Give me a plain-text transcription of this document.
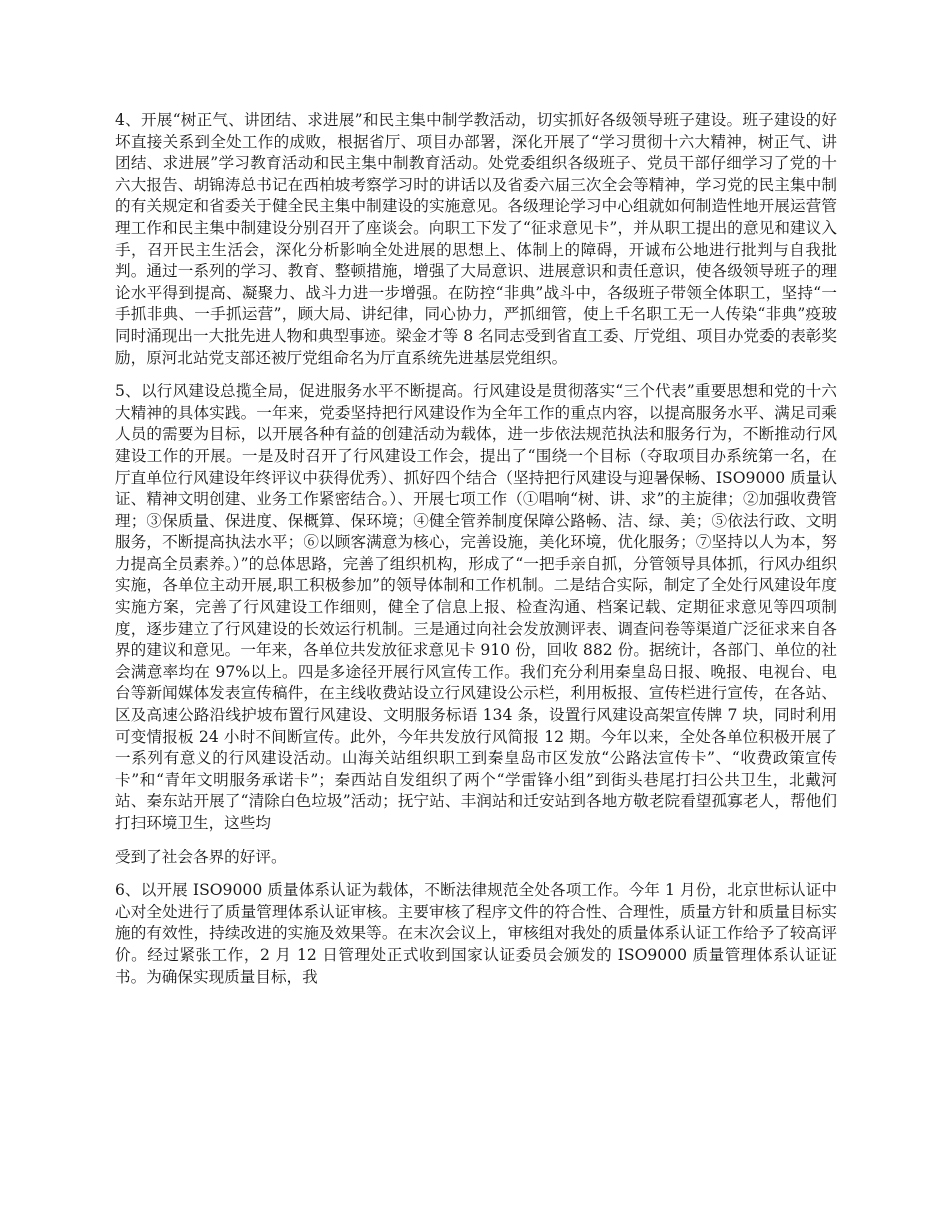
4、开展“树正气、讲团结、求进展”和民主集中制学教活动，切实抓好各级领导班子建设。班子建设的好坏直接关系到全处工作的成败，根据省厅、项目办部署，深化开展了“学习贯彻十六大精神，树正气、讲团结、求进展”学习教育活动和民主集中制教育活动。处党委组织各级班子、党员干部仔细学习了党的十六大报告、胡锦涛总书记在西柏坡考察学习时的讲话以及省委六届三次全会等精神，学习党的民主集中制的有关规定和省委关于健全民主集中制建设的实施意见。各级理论学习中心组就如何制造性地开展运营管理工作和民主集中制建设分别召开了座谈会。向职工下发了“征求意见卡”，并从职工提出的意见和建议入手，召开民主生活会，深化分析影响全处进展的思想上、体制上的障碍，开诚布公地进行批判与自我批判。通过一系列的学习、教育、整顿措施，增强了大局意识、进展意识和责任意识，使各级领导班子的理论水平得到提高、凝聚力、战斗力进一步增强。在防控“非典”战斗中，各级班子带领全体职工，坚持“一手抓非典、一手抓运营”，顾大局、讲纪律，同心协力，严抓细管，使上千名职工无一人传染“非典”疫玻同时涌现出一大批先进人物和典型事迹。梁金才等 8 名同志受到省直工委、厅党组、项目办党委的表彰奖励，原河北站党支部还被厅党组命名为厅直系统先进基层党组织。

5、以行风建设总揽全局，促进服务水平不断提高。行风建设是贯彻落实“三个代表”重要思想和党的十六大精神的具体实践。一年来，党委坚持把行风建设作为全年工作的重点内容，以提高服务水平、满足司乘人员的需要为目标，以开展各种有益的创建活动为载体，进一步依法规范执法和服务行为，不断推动行风建设工作的开展。一是及时召开了行风建设工作会，提出了“围绕一个目标（夺取项目办系统第一名，在厅直单位行风建设年终评议中获得优秀）、抓好四个结合（坚持把行风建设与迎暑保畅、ISO9000 质量认证、精神文明创建、业务工作紧密结合。）、开展七项工作（①唱响“树、讲、求”的主旋律；②加强收费管理；③保质量、保进度、保概算、保环境；④健全管养制度保障公路畅、洁、绿、美；⑤依法行政、文明服务，不断提高执法水平；⑥以顾客满意为核心，完善设施，美化环境，优化服务；⑦坚持以人为本，努力提高全员素养。）”的总体思路，完善了组织机构，形成了“一把手亲自抓，分管领导具体抓，行风办组织实施，各单位主动开展,职工积极参加”的领导体制和工作机制。二是结合实际，制定了全处行风建设年度实施方案，完善了行风建设工作细则，健全了信息上报、检查沟通、档案记载、定期征求意见等四项制度，逐步建立了行风建设的长效运行机制。三是通过向社会发放测评表、调查问卷等渠道广泛征求来自各界的建议和意见。一年来，各单位共发放征求意见卡 910 份，回收 882 份。据统计，各部门、单位的社会满意率均在 97%以上。四是多途径开展行风宣传工作。我们充分利用秦皇岛日报、晚报、电视台、电台等新闻媒体发表宣传稿件，在主线收费站设立行风建设公示栏，利用板报、宣传栏进行宣传，在各站、区及高速公路沿线护坡布置行风建设、文明服务标语 134 条，设置行风建设高架宣传牌 7 块，同时利用可变情报板 24 小时不间断宣传。此外，今年共发放行风简报 12 期。今年以来，全处各单位积极开展了一系列有意义的行风建设活动。山海关站组织职工到秦皇岛市区发放“公路法宣传卡”、“收费政策宣传卡”和“青年文明服务承诺卡”；秦西站自发组织了两个“学雷锋小组”到街头巷尾打扫公共卫生，北戴河站、秦东站开展了“清除白色垃圾”活动；抚宁站、丰润站和迁安站到各地方敬老院看望孤寡老人，帮他们打扫环境卫生，这些均

受到了社会各界的好评。

6、以开展 ISO9000 质量体系认证为载体，不断法律规范全处各项工作。今年 1 月份，北京世标认证中心对全处进行了质量管理体系认证审核。主要审核了程序文件的符合性、合理性，质量方针和质量目标实施的有效性，持续改进的实施及效果等。在末次会议上，审核组对我处的质量体系认证工作给予了较高评价。经过紧张工作，2 月 12 日管理处正式收到国家认证委员会颁发的 ISO9000 质量管理体系认证证书。为确保实现质量目标，我
